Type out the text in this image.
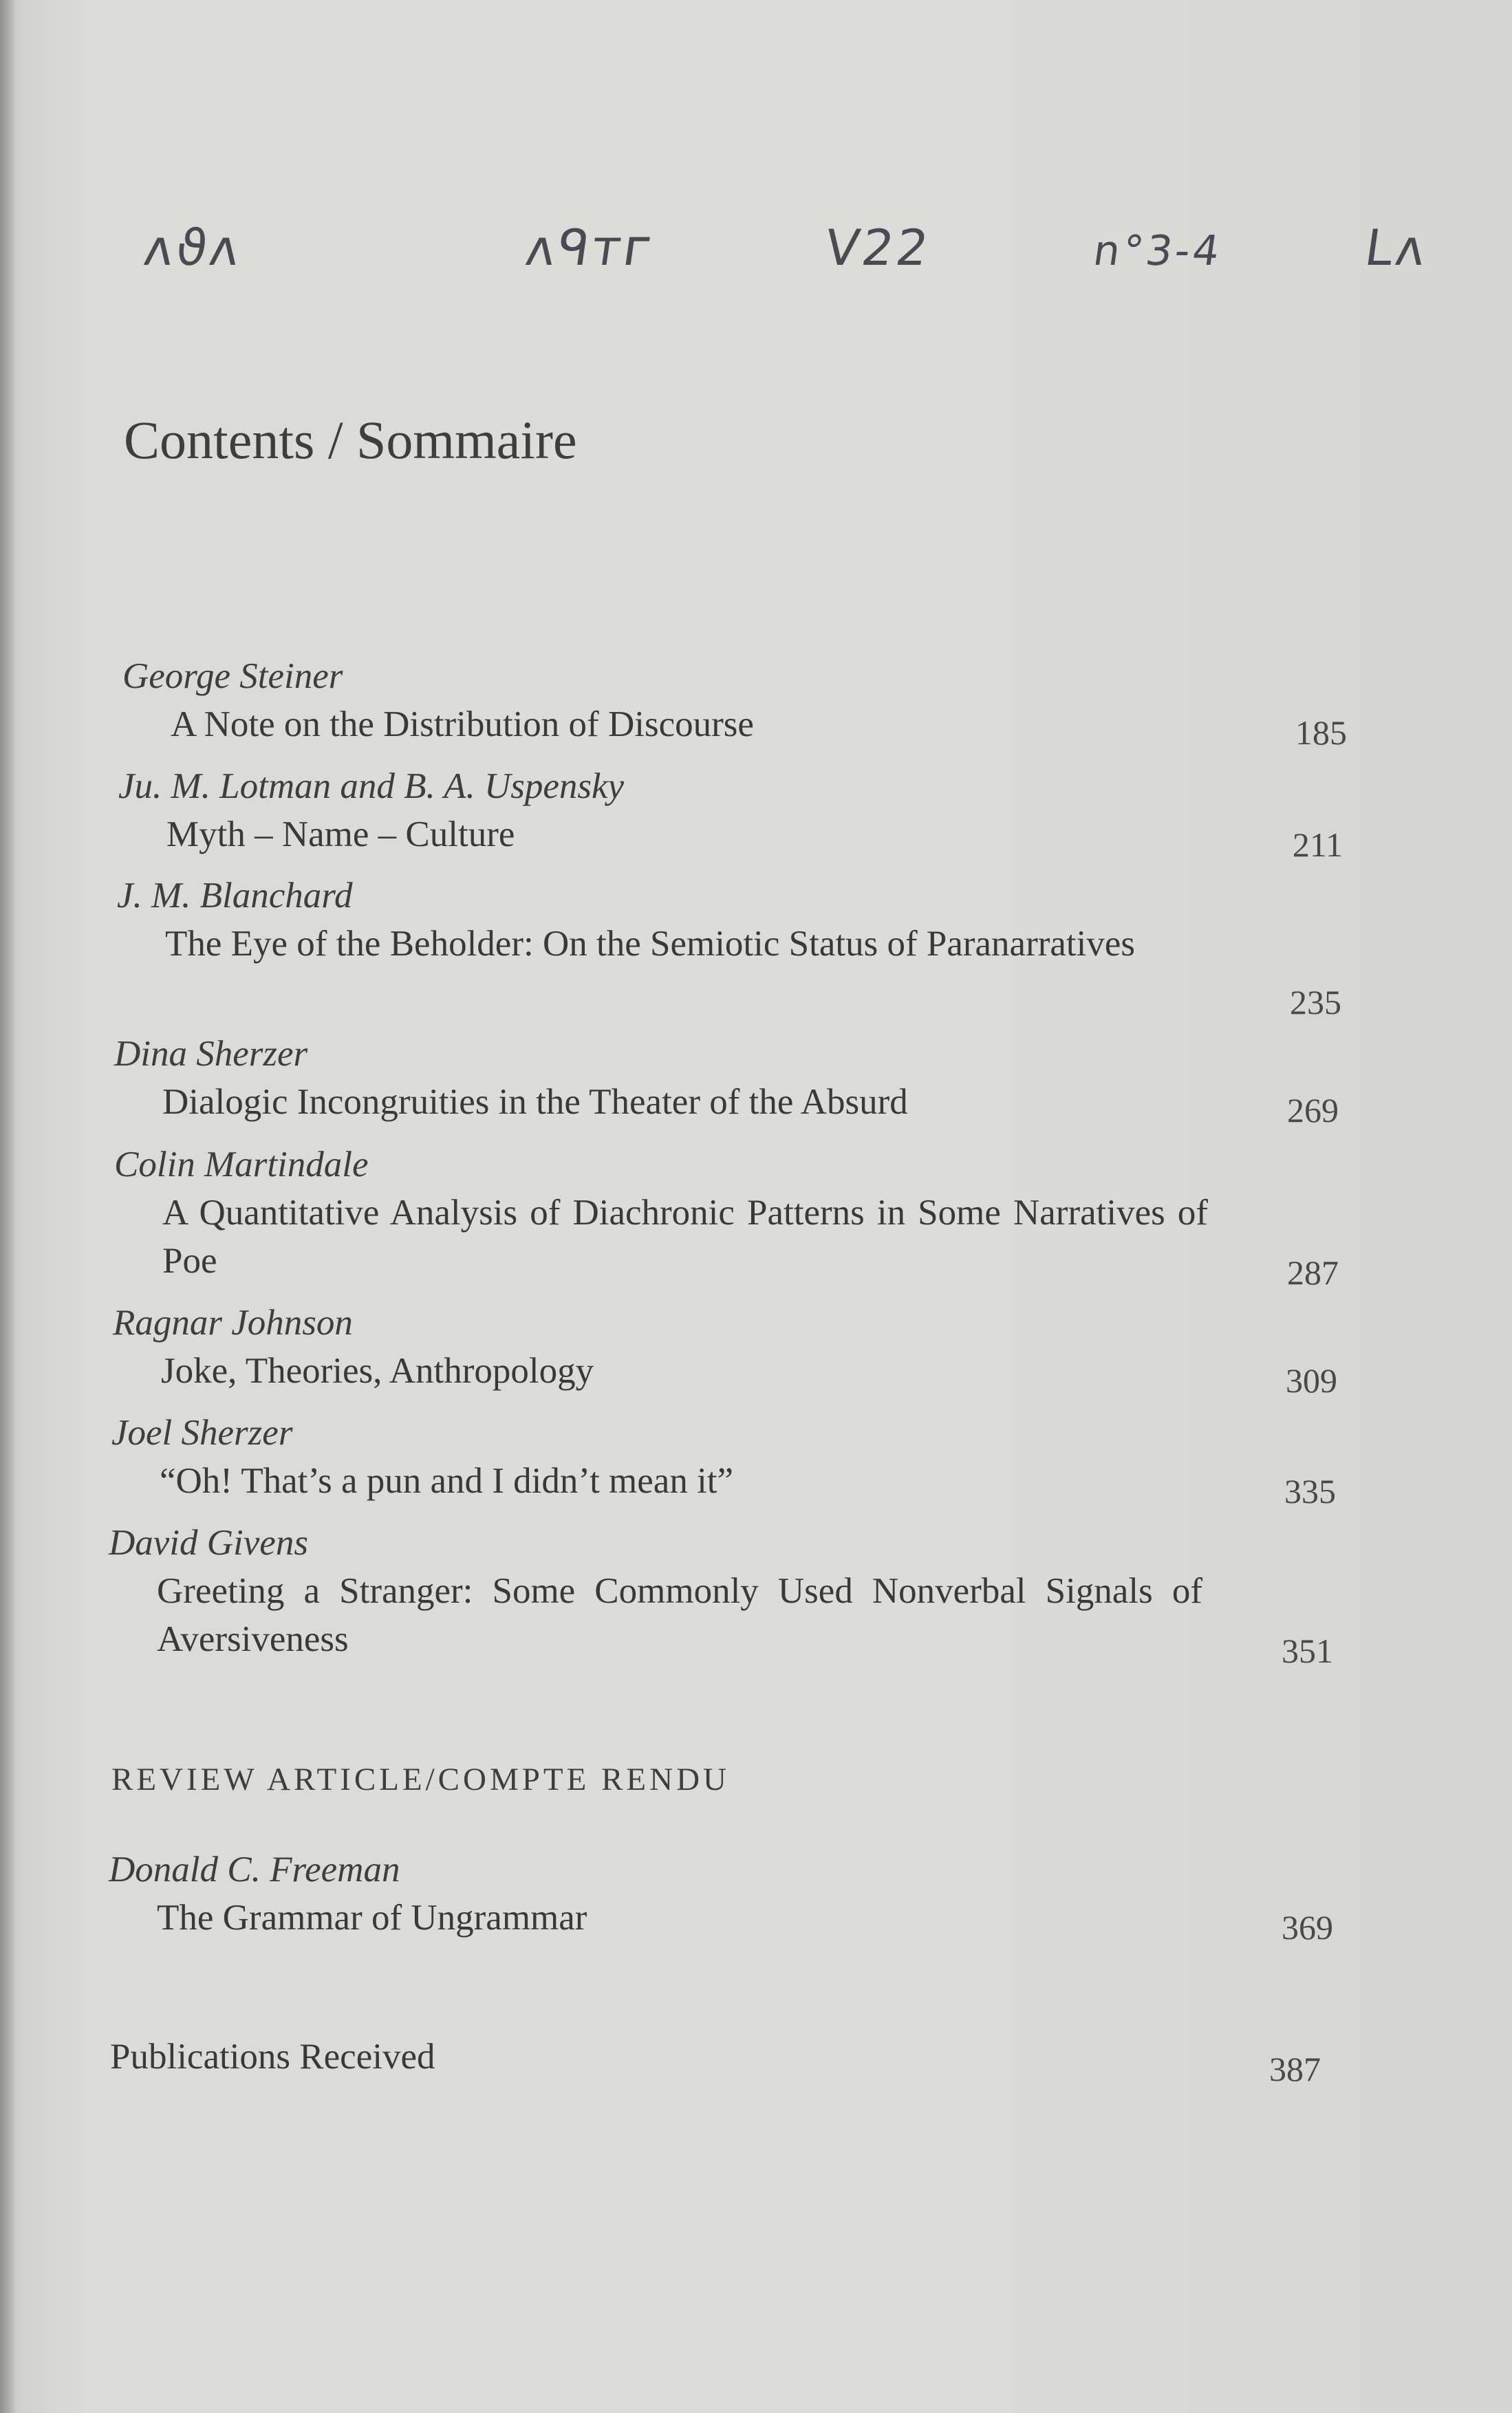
ᴧϑᴧ	ᴧᑫᴛᴦ	ᐯ22	n°3-4	Lᴧ
Contents / Sommaire
George Steiner
A Note on the Distribution of Discourse	185
Ju. M. Lotman and B. A. Uspensky
Myth – Name – Culture	211
J. M. Blanchard
The Eye of the Beholder: On the Semiotic Status of Paranarratives
235
Dina Sherzer
Dialogic Incongruities in the Theater of the Absurd	269
Colin Martindale
A Quantitative Analysis of Diachronic Patterns in Some Narratives of Poe	287
Ragnar Johnson
Joke, Theories, Anthropology	309
Joel Sherzer
“Oh! That’s a pun and I didn’t mean it”	335
David Givens
Greeting a Stranger: Some Commonly Used Nonverbal Signals of Aversiveness	351
REVIEW ARTICLE/COMPTE RENDU
Donald C. Freeman
The Grammar of Ungrammar	369
Publications Received	387
